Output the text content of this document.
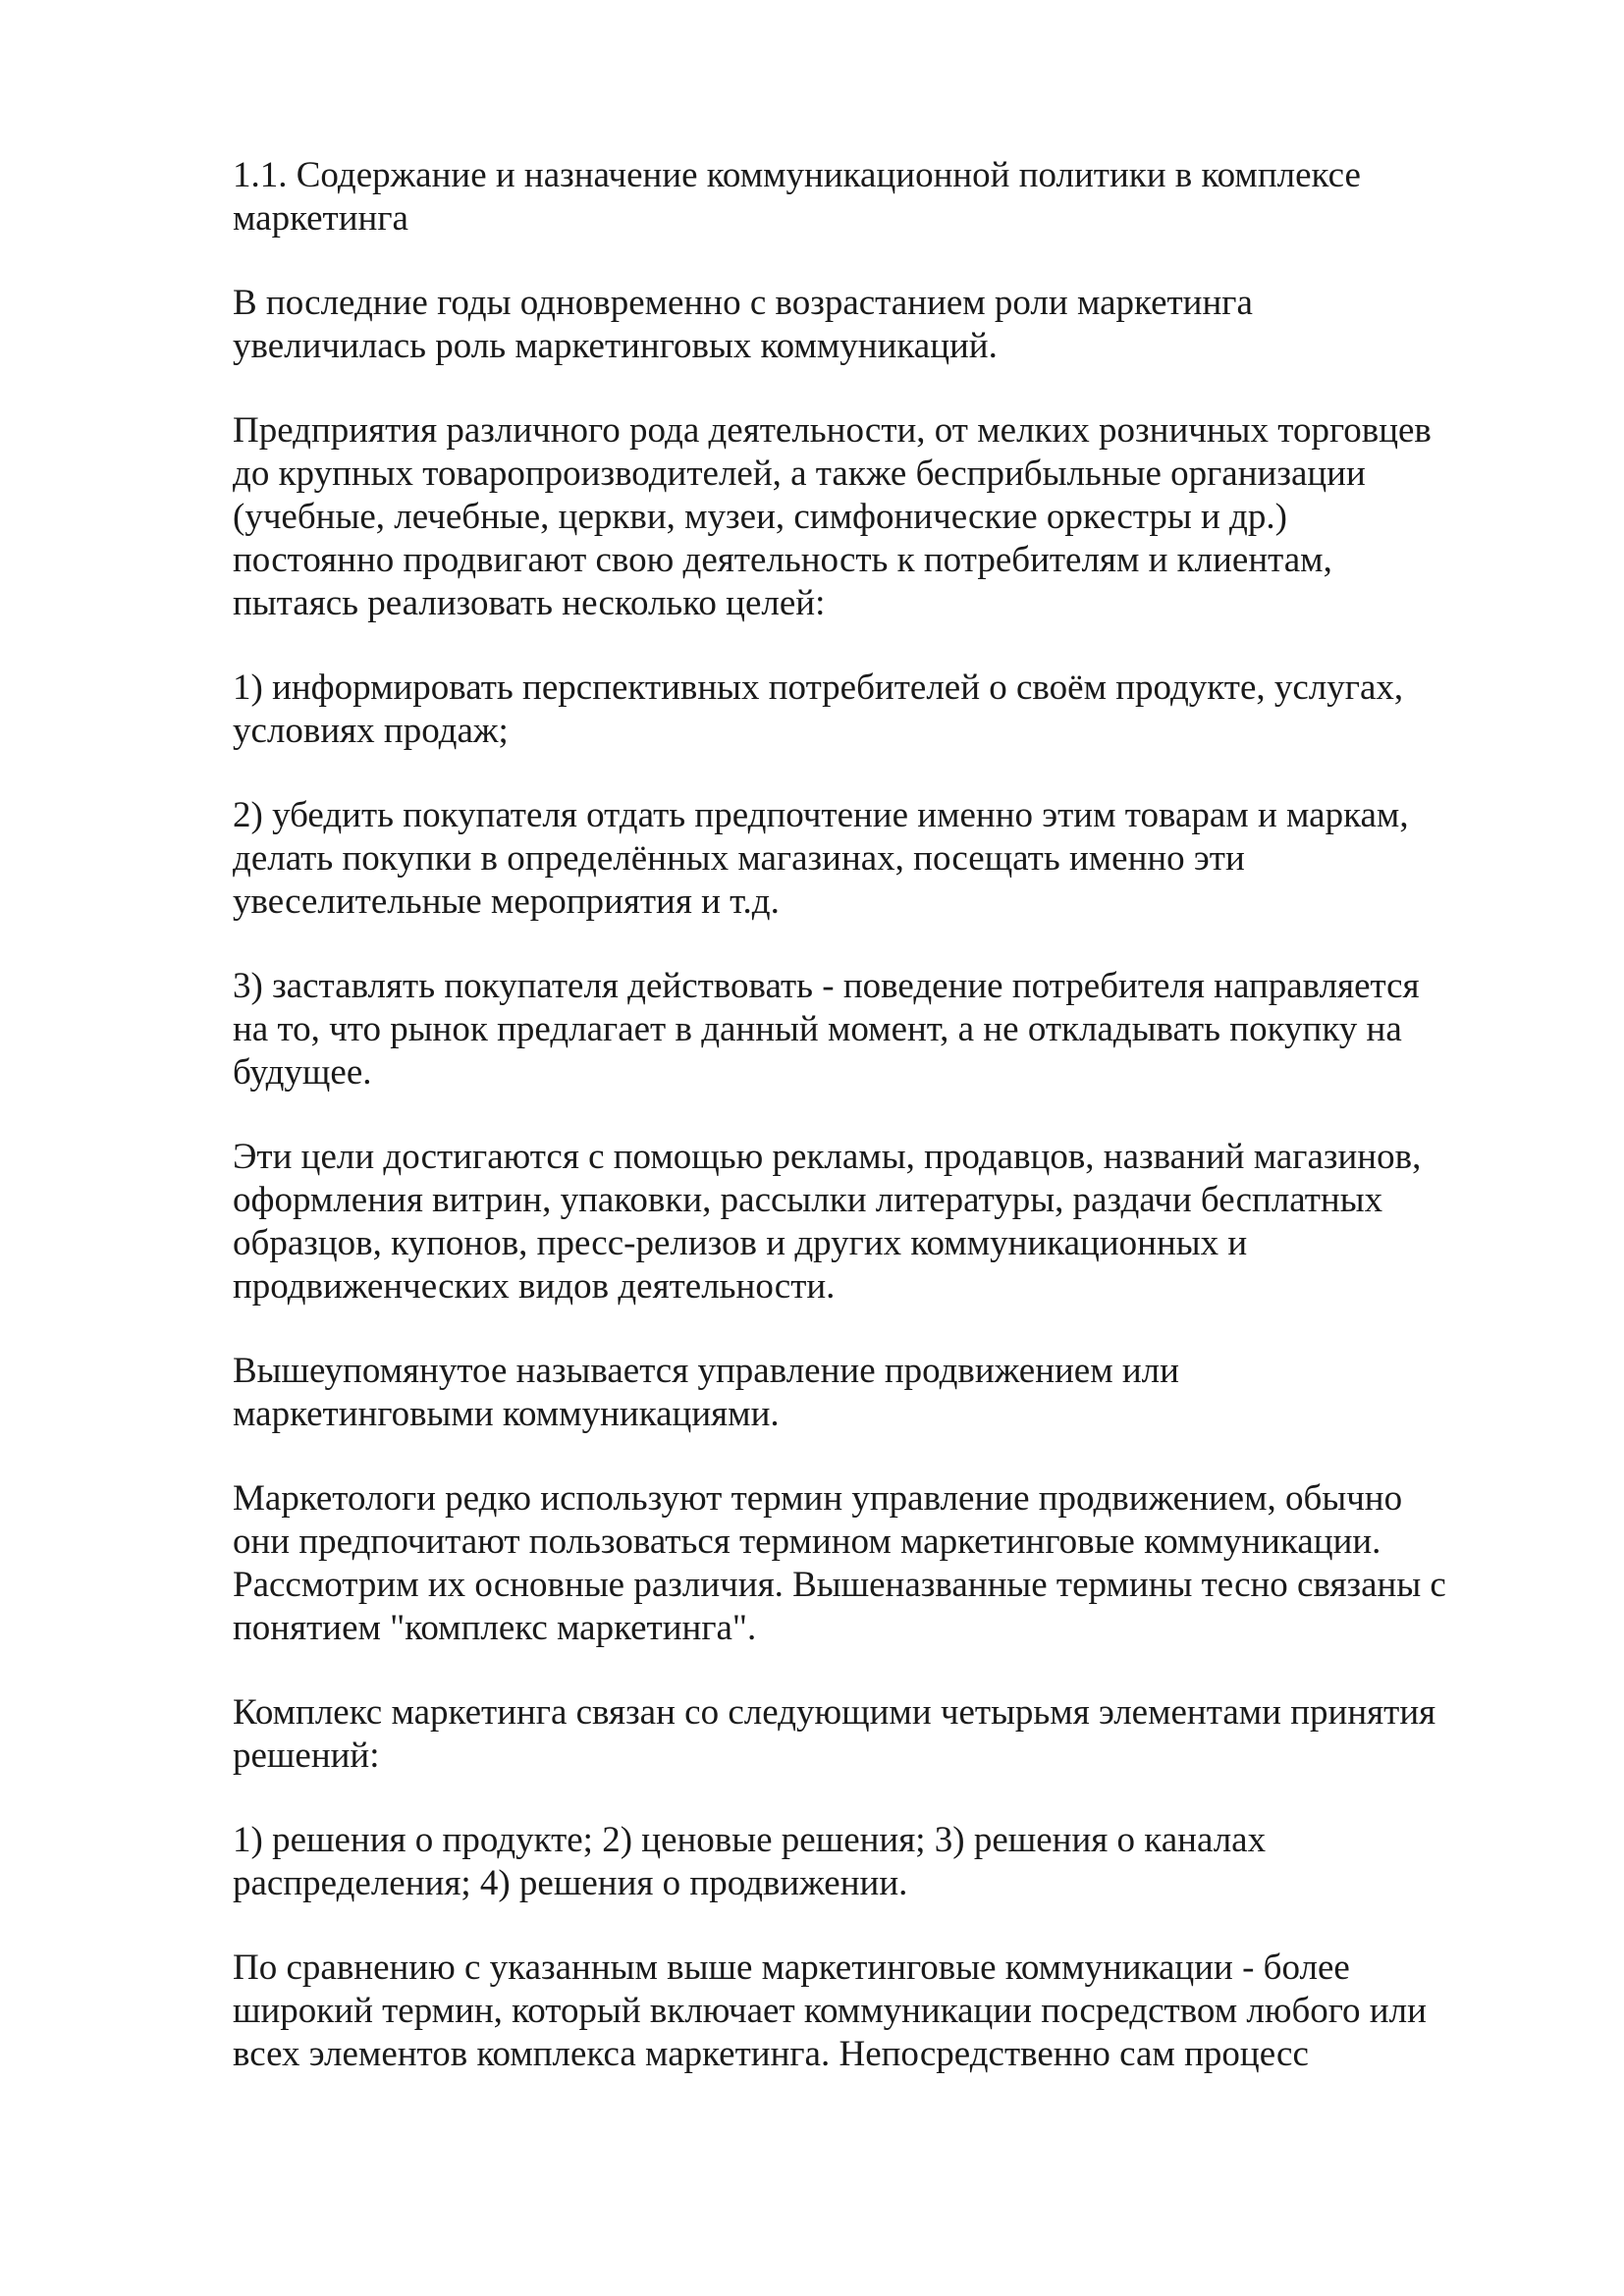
1.1. Содержание и назначение коммуникационной политики в комплексе
маркетинга

В последние годы одновременно с возрастанием роли маркетинга
увеличилась роль маркетинговых коммуникаций.

Предприятия различного рода деятельности, от мелких розничных торговцев
до крупных товаропроизводителей, а также бесприбыльные организации
(учебные, лечебные, церкви, музеи, симфонические оркестры и др.)
постоянно продвигают свою деятельность к потребителям и клиентам,
пытаясь реализовать несколько целей:

1) информировать перспективных потребителей о своём продукте, услугах,
условиях продаж;

2) убедить покупателя отдать предпочтение именно этим товарам и маркам,
делать покупки в определённых магазинах, посещать именно эти
увеселительные мероприятия и т.д.

3) заставлять покупателя действовать - поведение потребителя направляется
на то, что рынок предлагает в данный момент, а не откладывать покупку на
будущее.

Эти цели достигаются с помощью рекламы, продавцов, названий магазинов,
оформления витрин, упаковки, рассылки литературы, раздачи бесплатных
образцов, купонов, пресс-релизов и других коммуникационных и
продвиженческих видов деятельности.

Вышеупомянутое называется управление продвижением или
маркетинговыми коммуникациями.

Маркетологи редко используют термин управление продвижением, обычно
они предпочитают пользоваться термином маркетинговые коммуникации.
Рассмотрим их основные различия. Вышеназванные термины тесно связаны с
понятием "комплекс маркетинга".

Комплекс маркетинга связан со следующими четырьмя элементами принятия
решений:

1) решения о продукте; 2) ценовые решения; 3) решения о каналах
распределения; 4) решения о продвижении.

По сравнению с указанным выше маркетинговые коммуникации - более
широкий термин, который включает коммуникации посредством любого или
всех элементов комплекса маркетинга. Непосредственно сам процесс
